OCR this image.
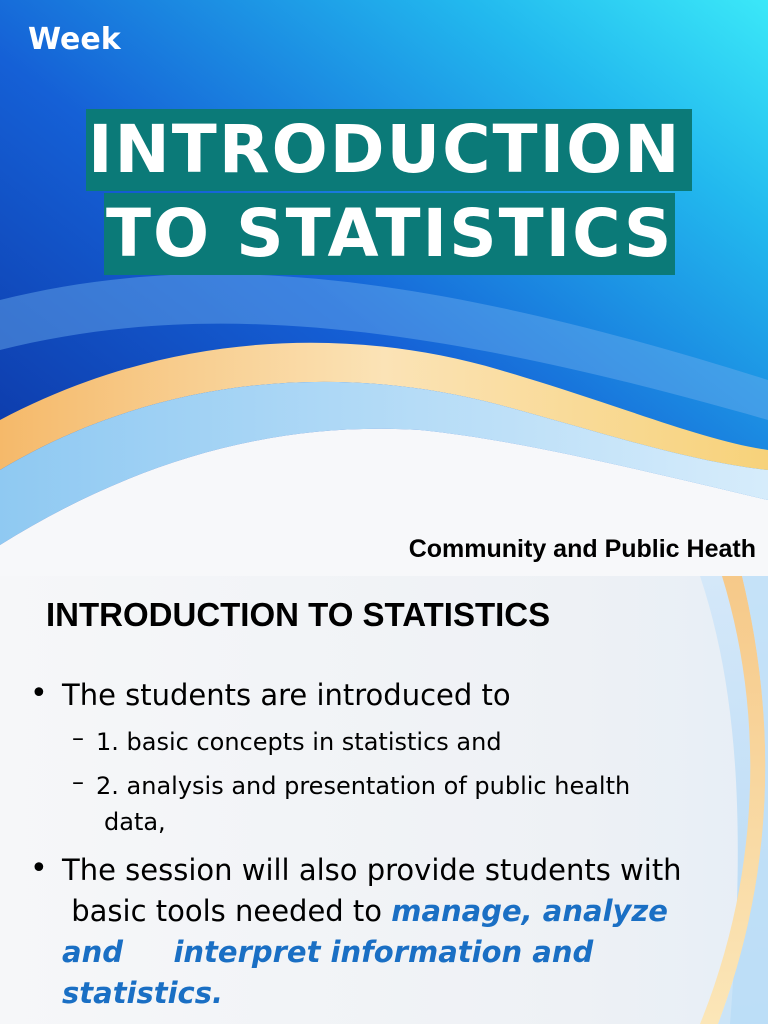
Week
INTRODUCTION
TO STATISTICS
Community and Public Heath
INTRODUCTION TO STATISTICS
• The students are introduced to
– 1. basic concepts in statistics and
– 2. analysis and presentation of public health
data,
• The session will also provide students with
basic tools needed to manage, analyze
and     interpret information and
statistics.
